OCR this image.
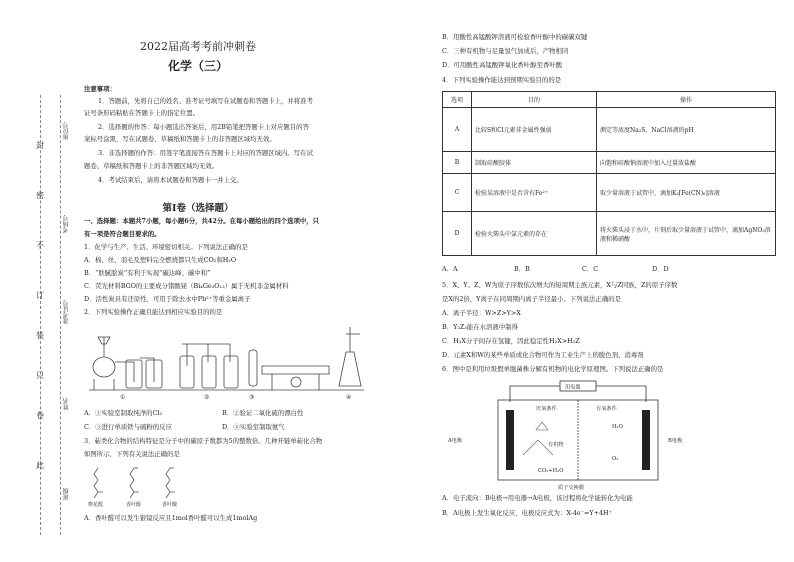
封
密
不
订
装
只
卷
此
座位号
考场号
准考证号
姓名
班级
2022届高考考前冲刺卷
化学（三）
注意事项：
1．答题前，先将自己的姓名、准考证号填写在试题卷和答题卡上，并将准考
证号条形码粘贴在答题卡上的指定位置。
2．选择题的作答：每小题选出答案后，用2B铅笔把答题卡上对应题目的答
案标号涂黑，写在试题卷、草稿纸和答题卡上的非答题区域均无效。
3．非选择题的作答：用签字笔直接答在答题卡上对应的答题区域内。写在试
题卷、草稿纸和答题卡上的非答题区域均无效。
4．考试结束后，请将本试题卷和答题卡一并上交。
第Ⅰ卷（选择题）
一、选择题：本题共7小题，每小题6分，共42分。在每小题给出的四个选项中，只
有一项是符合题目要求的。
1．化学与生产、生活、环境密切相关。下列说法正确的是
A．棉、丝、羽毛及塑料完全燃烧都只生成CO₂和H₂O
B．“肤腻脍炭”有利于实现“碳达峰、碳中和”
C．荧光材料BGO的主要成分锗酸铋（Bi₄Ge₃O₁₂）属于无机非金属材料
D．活性炭具有还原性，可用于除去水中Pb²⁺等重金属离子
2．下列实验操作正确且能达到相应实验目的的是
①	②	③	④
A．①实验室制取纯净的Cl₂	B．②验证二氧化硫的漂白性
C．③进行单质铁与硫粉的反应	D．④实验室制取氨气
3．萜类化合物的结构特征是分子中的碳原子数都为5的整数倍。几种开链单萜化合物
如图所示，下列有关说法正确的是
橙花醛	香叶醇	香叶酸
A．香叶醛可以发生银镜反应且1mol香叶醛可以生成1molAg
B．用酸性高锰酸钾溶液可检验香叶醇中的碳碳双键
C．三种有机物与足量氢气加成后，产物相同
D．可用酸性高锰酸钾氧化香叶醇至香叶酸
4．下列实验操作能达到预期实验目的的是
选项	目的	操作
A	比较S和Cl元素非金属性强弱	测定等浓度Na₂S、NaCl溶液的pH
B	制取硅酸胶体	向饱和硅酸钠溶液中加入过量浓盐酸
C	检验某溶液中是否含有Fe²⁺	取少量溶液于试管中，滴加K₃[Fe(CN)₆]溶液
D	检验火柴头中氯元素的存在	将火柴头浸于水中，片刻后取少量溶液于试管中，滴加AgNO₃溶液和稀硝酸
A．A	B．B	C．C	D．D
5．X、Y、Z、W为原子序数依次增大的短周期主族元素，X与Z同族，Z的原子序数
是X的2倍，Y离子在同周期内离子半径最小。下列说法正确的是
A．离子半径：W>Z>Y>X
B．Y₂Z₃能在水溶液中制得
C．H₂X分子间存在氢键，因此稳定性H₂X>H₂Z
D．元素X和W的某些单质或化合物可作为工业生产上的脱色剂、消毒剂
6．图中是利用垃圾假单胞菌株分解有机物的电化学原理图。下列说法正确的是
用电器
A电极	B电极
厌氧条件	有氧条件
有机物
CO₂+H₂O
H₂O
O₂
质子交换膜
A．电子流向：B电极→用电器→A电极，该过程将化学能转化为电能
B．A电极上发生氧化反应，电极反应式为：X-4e⁻=Y+4H⁺
